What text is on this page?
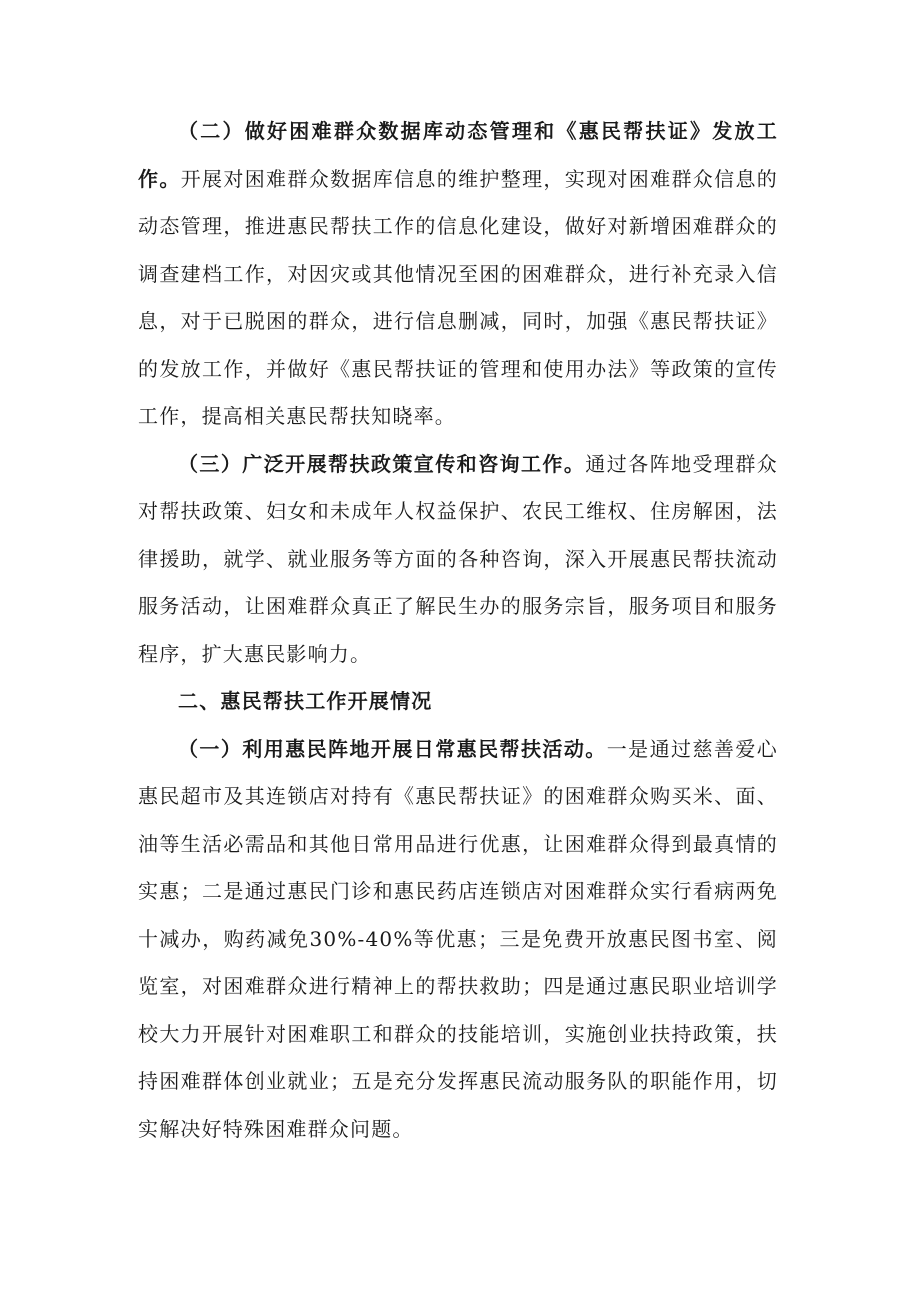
（二）做好困难群众数据库动态管理和《惠民帮扶证》发放工作。开展对困难群众数据库信息的维护整理，实现对困难群众信息的动态管理，推进惠民帮扶工作的信息化建设，做好对新增困难群众的调查建档工作，对因灾或其他情况至困的困难群众，进行补充录入信息，对于已脱困的群众，进行信息删减，同时，加强《惠民帮扶证》的发放工作，并做好《惠民帮扶证的管理和使用办法》等政策的宣传工作，提高相关惠民帮扶知晓率。

（三）广泛开展帮扶政策宣传和咨询工作。通过各阵地受理群众对帮扶政策、妇女和未成年人权益保护、农民工维权、住房解困，法律援助，就学、就业服务等方面的各种咨询，深入开展惠民帮扶流动服务活动，让困难群众真正了解民生办的服务宗旨，服务项目和服务程序，扩大惠民影响力。

二、惠民帮扶工作开展情况

（一）利用惠民阵地开展日常惠民帮扶活动。一是通过慈善爱心惠民超市及其连锁店对持有《惠民帮扶证》的困难群众购买米、面、油等生活必需品和其他日常用品进行优惠，让困难群众得到最真情的实惠；二是通过惠民门诊和惠民药店连锁店对困难群众实行看病两免十减办，购药减免30%-40%等优惠；三是免费开放惠民图书室、阅览室，对困难群众进行精神上的帮扶救助；四是通过惠民职业培训学校大力开展针对困难职工和群众的技能培训，实施创业扶持政策，扶持困难群体创业就业；五是充分发挥惠民流动服务队的职能作用，切实解决好特殊困难群众问题。
